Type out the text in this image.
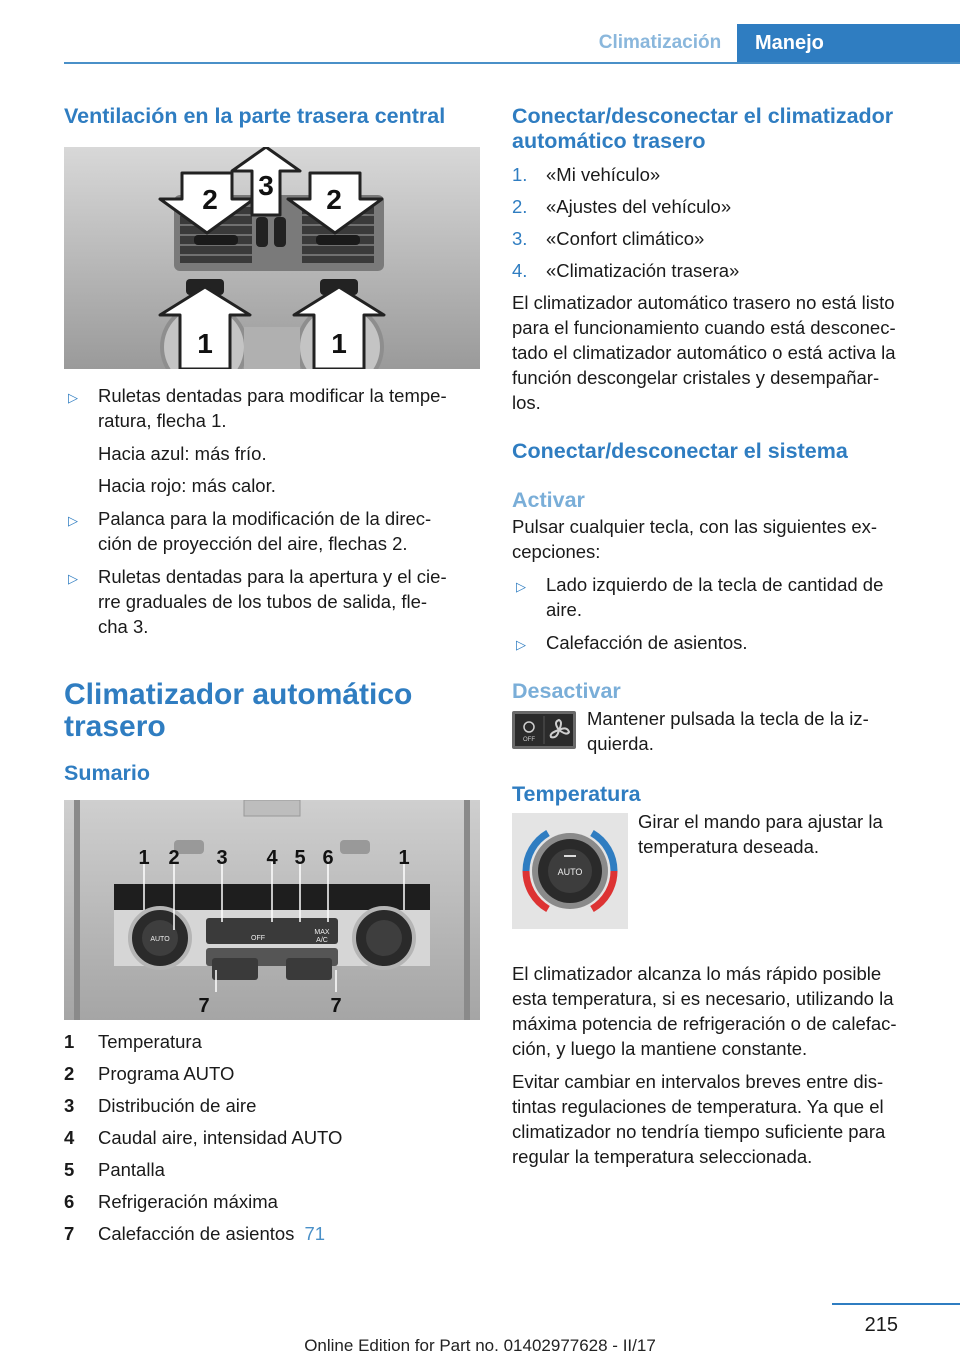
Climatización	Manejo
Ventilación en la parte trasera central
2 3 2
1	1
▷ Ruletas dentadas para modificar la tempe-
ratura, flecha 1.
Hacia azul: más frío.
Hacia rojo: más calor.
▷ Palanca para la modificación de la direc-
ción de proyección del aire, flechas 2.
▷ Ruletas dentadas para la apertura y el cie-
rre graduales de los tubos de salida, fle-
cha 3.
Climatizador automático
trasero
Sumario
AUTO	OFF
MAX
A/C
1 2 3 4 5 6	1
7	7
1 Temperatura
2 Programa AUTO
3 Distribución de aire
4 Caudal aire, intensidad AUTO
5 Pantalla
6 Refrigeración máxima
7 Calefacción de asientos 71
Conectar/desconectar el climatizador
automático trasero
1. «Mi vehículo»
2. «Ajustes del vehículo»
3. «Confort climático»
4. «Climatización trasera»
El climatizador automático trasero no está listo
para el funcionamiento cuando está desconec-
tado el climatizador automático o está activa la
función descongelar cristales y desempañar-
los.
Conectar/desconectar el sistema
Activar
Pulsar cualquier tecla, con las siguientes ex-
cepciones:
▷ Lado izquierdo de la tecla de cantidad de
aire.
▷ Calefacción de asientos.
Desactivar
OFF
Mantener pulsada la tecla de la iz-
quierda.
Temperatura
AUTO
Girar el mando para ajustar la
temperatura deseada.
El climatizador alcanza lo más rápido posible
esta temperatura, si es necesario, utilizando la
máxima potencia de refrigeración o de calefac-
ción, y luego la mantiene constante.
Evitar cambiar en intervalos breves entre dis-
tintas regulaciones de temperatura. Ya que el
climatizador no tendría tiempo suficiente para
regular la temperatura seleccionada.
215
Online Edition for Part no. 01402977628 - II/17
